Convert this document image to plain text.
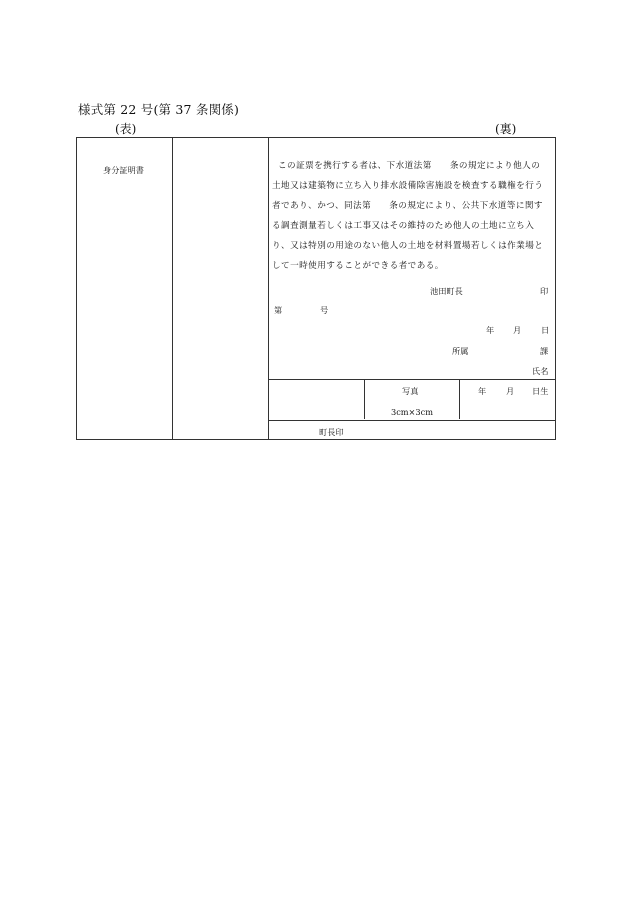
様式第 22 号(第 37 条関係)
(表)	(裏)
身分証明書	この証票を携行する者は、下水道法第　　条の規定により他人の
土地又は建築物に立ち入り排水設備除害施設を検査する職権を行う
者であり、かつ、同法第　　条の規定により、公共下水道等に関す
る調査測量若しくは工事又はその維持のため他人の土地に立ち入
り、又は特別の用途のない他人の土地を材料置場若しくは作業場と
して一時使用することができる者である。
池田町長	印
第	号
年 月 日
所属	課
氏名
写真
3cm×3cm
年 月 日生
町長印
